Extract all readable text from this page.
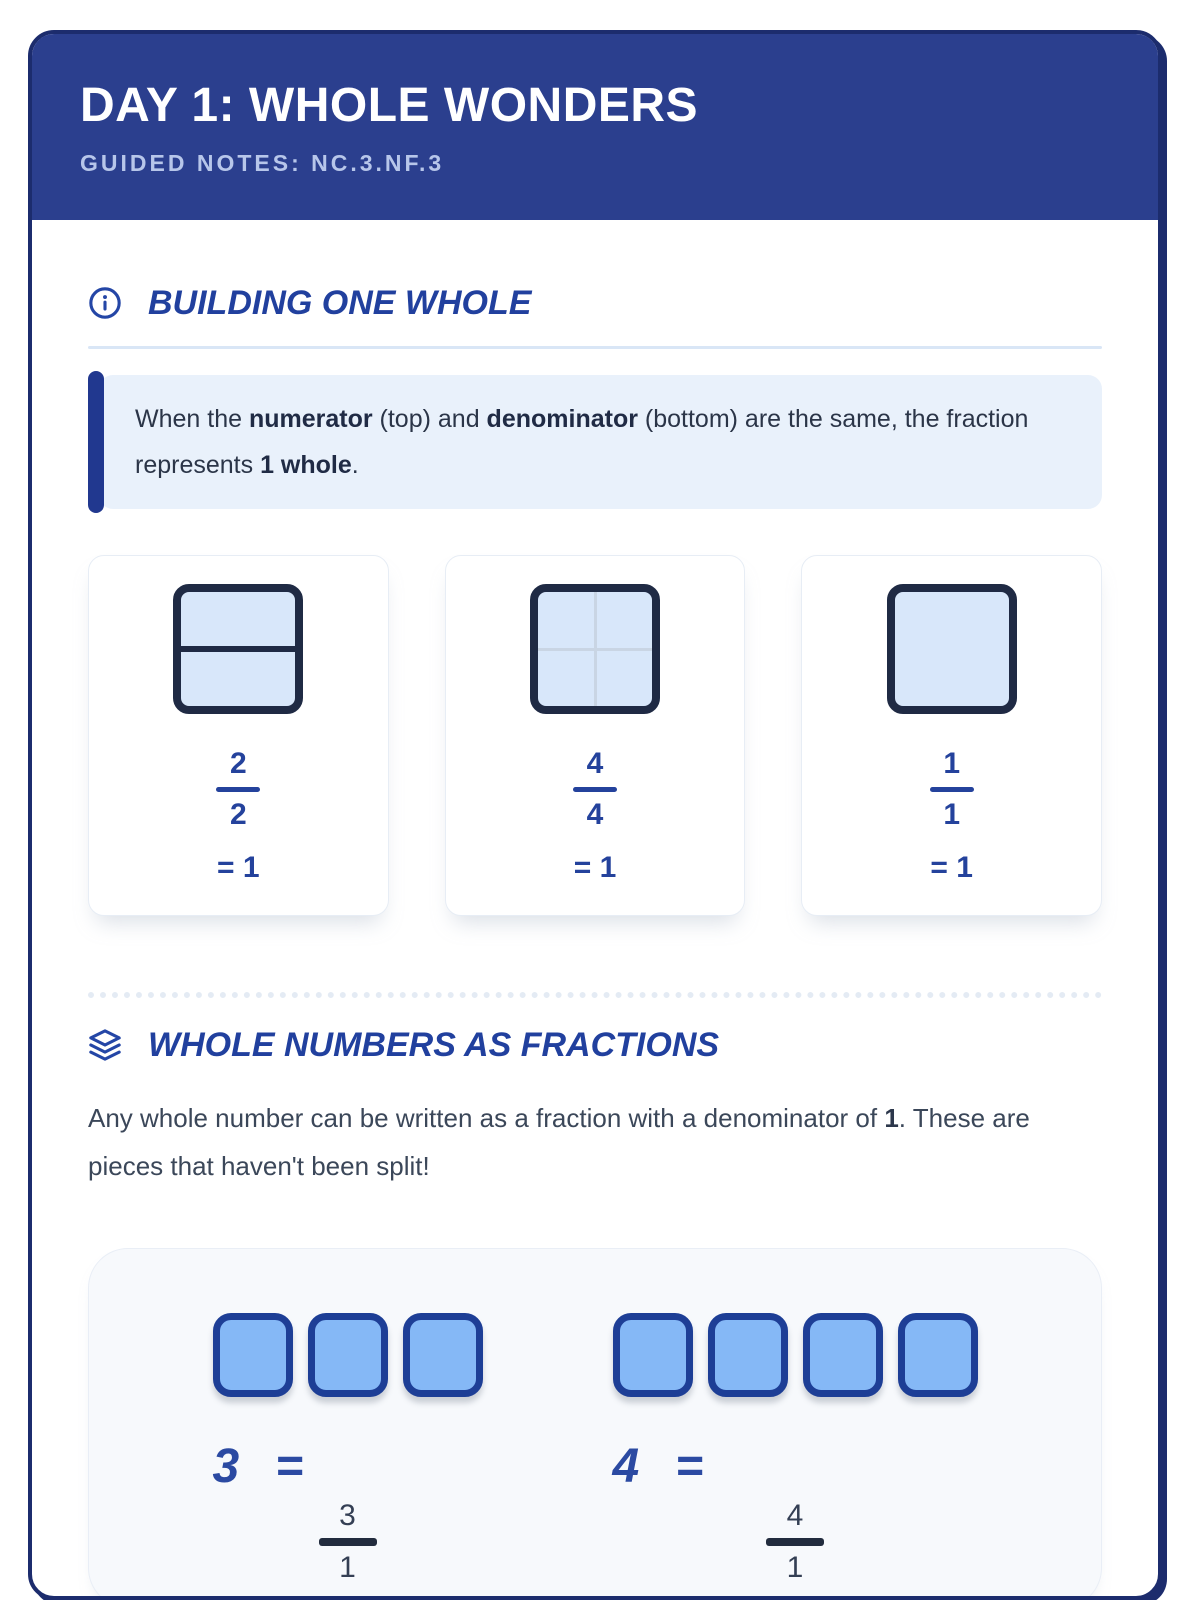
DAY 1: WHOLE WONDERS
GUIDED NOTES: NC.3.NF.3
BUILDING ONE WHOLE
When the numerator (top) and denominator (bottom) are the same, the fraction represents 1 whole.
2
2
= 1
4
4
= 1
1
1
= 1
WHOLE NUMBERS AS FRACTIONS
Any whole number can be written as a fraction with a denominator of 1. These are pieces that haven't been split!
3 =
3
1
4 =
4
1
